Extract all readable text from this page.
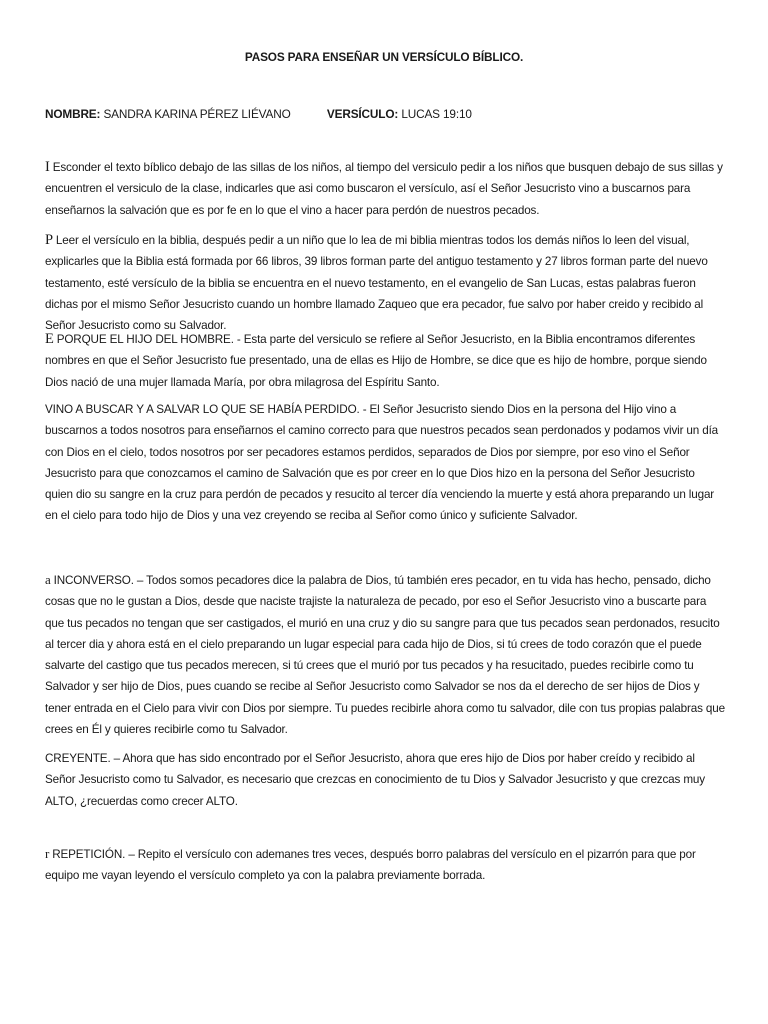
PASOS PARA ENSEÑAR UN VERSÍCULO BÍBLICO.
NOMBRE: SANDRA KARINA PÉREZ LIÉVANO	VERSÍCULO: LUCAS 19:10
I Esconder el texto bíblico debajo de las sillas de los niños, al tiempo del versiculo pedir a los niños que busquen debajo de sus sillas y encuentren el versiculo de la clase, indicarles que asi como buscaron el versículo, así el Señor Jesucristo vino a buscarnos para enseñarnos la salvación que es por fe en lo que el vino a hacer para perdón de nuestros pecados.
P Leer el versículo en la biblia, después pedir a un niño que lo lea de mi biblia mientras todos los demás niños lo leen del visual, explicarles que la Biblia está formada por 66 libros, 39 libros forman parte del antiguo testamento y 27 libros forman parte del nuevo testamento, esté versículo de la biblia se encuentra en el nuevo testamento, en el evangelio de San Lucas, estas palabras fueron dichas por el mismo Señor Jesucristo cuando un hombre llamado Zaqueo que era pecador, fue salvo por haber creido y recibido al Señor Jesucristo como su Salvador.
E PORQUE EL HIJO DEL HOMBRE. - Esta parte del versiculo se refiere al Señor Jesucristo, en la Biblia encontramos diferentes nombres en que el Señor Jesucristo fue presentado, una de ellas es Hijo de Hombre, se dice que es hijo de hombre, porque siendo Dios nació de una mujer llamada María, por obra milagrosa del Espíritu Santo.
VINO A BUSCAR Y A SALVAR LO QUE SE HABÍA PERDIDO. - El Señor Jesucristo siendo Dios en la persona del Hijo vino a buscarnos a todos nosotros para enseñarnos el camino correcto para que nuestros pecados sean perdonados y podamos vivir un día con Dios en el cielo, todos nosotros por ser pecadores estamos perdidos, separados de Dios por siempre, por eso vino el Señor Jesucristo para que conozcamos el camino de Salvación que es por creer en lo que Dios hizo en la persona del Señor Jesucristo quien dio su sangre en la cruz para perdón de pecados y resucito al tercer día venciendo la muerte y está ahora preparando un lugar en el cielo para todo hijo de Dios y una vez creyendo se reciba al Señor como único y suficiente Salvador.
a INCONVERSO. – Todos somos pecadores dice la palabra de Dios, tú también eres pecador, en tu vida has hecho, pensado, dicho cosas que no le gustan a Dios, desde que naciste trajiste la naturaleza de pecado, por eso el Señor Jesucristo vino a buscarte para que tus pecados no tengan que ser castigados, el murió en una cruz y dio su sangre para que tus pecados sean perdonados, resucito al tercer dia y ahora está en el cielo preparando un lugar especial para cada hijo de Dios, si tú crees de todo corazón que el puede salvarte del castigo que tus pecados merecen, si tú crees que el murió por tus pecados y ha resucitado, puedes recibirle como tu Salvador y ser hijo de Dios, pues cuando se recibe al Señor Jesucristo como Salvador se nos da el derecho de ser hijos de Dios y tener entrada en el Cielo para vivir con Dios por siempre. Tu puedes recibirle ahora como tu salvador, dile con tus propias palabras que crees en Él y quieres recibirle como tu Salvador.
CREYENTE. – Ahora que has sido encontrado por el Señor Jesucristo, ahora que eres hijo de Dios por haber creído y recibido al Señor Jesucristo como tu Salvador, es necesario que crezcas en conocimiento de tu Dios y Salvador Jesucristo y que crezcas muy ALTO, ¿recuerdas como crecer ALTO.
r REPETICIÓN. – Repito el versículo con ademanes tres veces, después borro palabras del versículo en el pizarrón para que por equipo me vayan leyendo el versículo completo ya con la palabra previamente borrada.
